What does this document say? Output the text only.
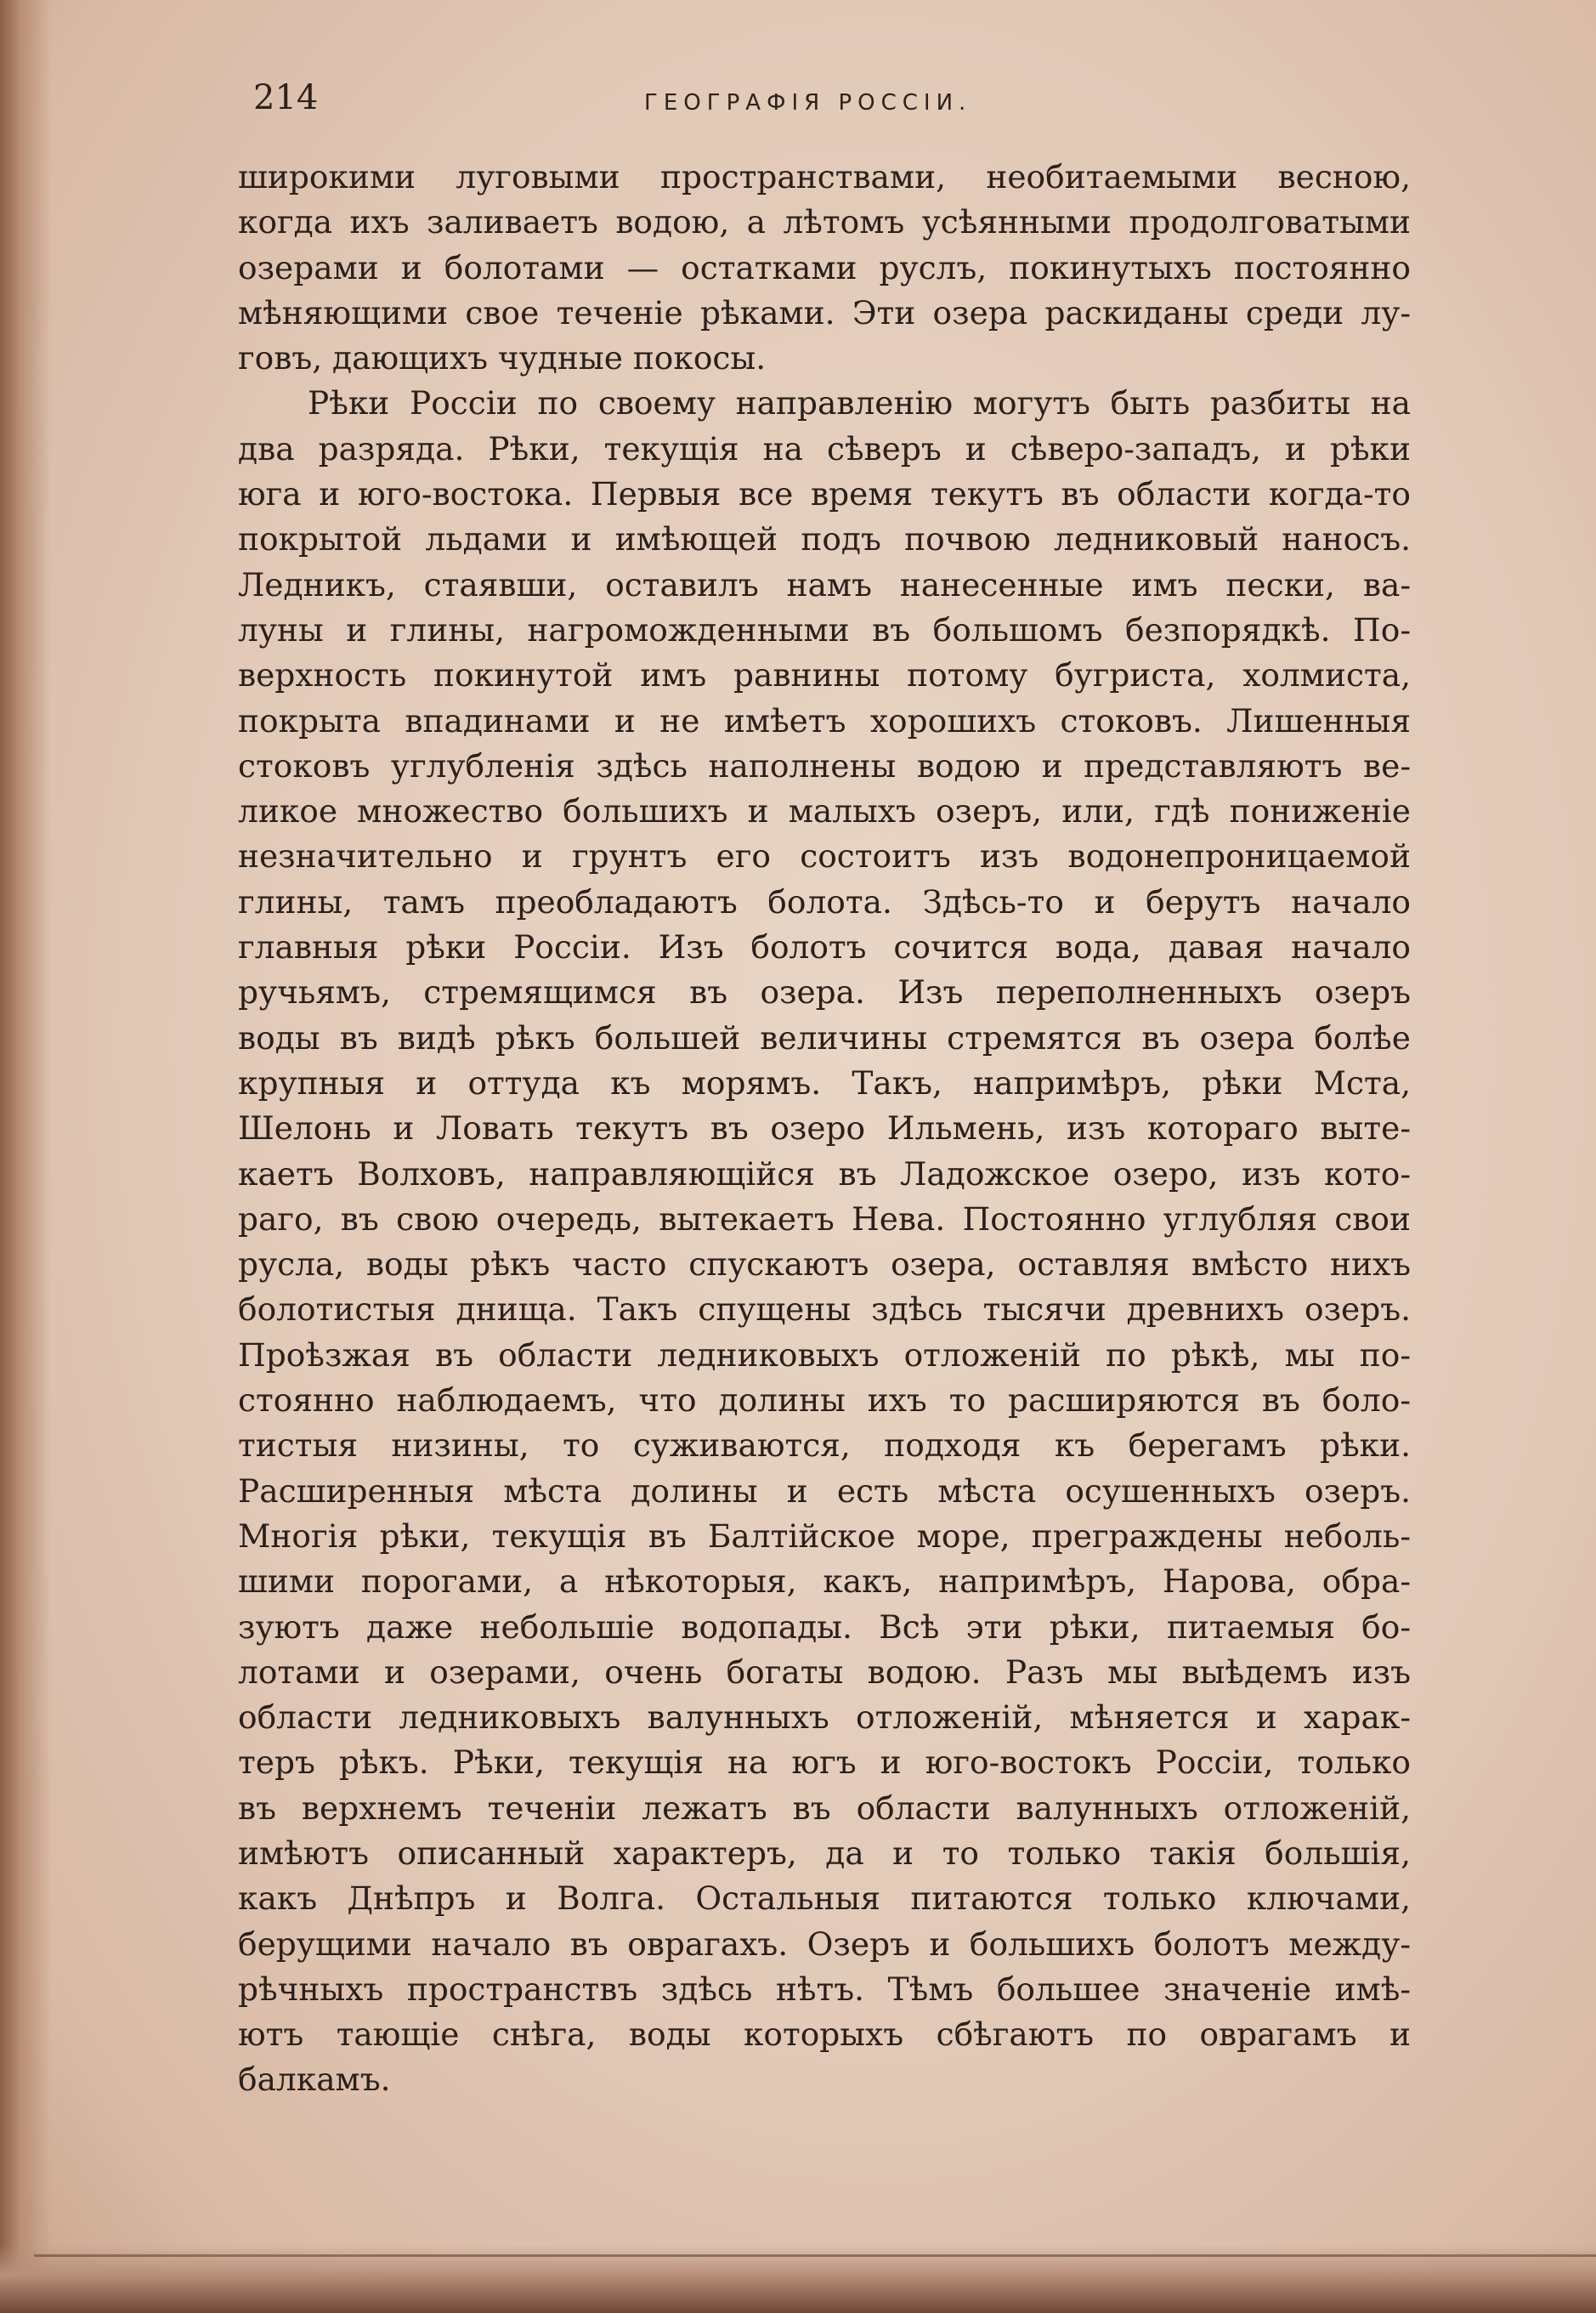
214	ГЕОГРАФІЯ РОССІИ.
широкими луговыми пространствами, необитаемыми весною,
когда ихъ заливаетъ водою, а лѣтомъ усѣянными продолговатыми
озерами и болотами — остатками руслъ, покинутыхъ постоянно
мѣняющими свое теченіе рѣками. Эти озера раскиданы среди лу-
говъ, дающихъ чудные покосы.
Рѣки Россіи по своему направленію могутъ быть разбиты на
два разряда. Рѣки, текущія на сѣверъ и сѣверо-западъ, и рѣки
юга и юго-востока. Первыя все время текутъ въ области когда-то
покрытой льдами и имѣющей подъ почвою ледниковый наносъ.
Ледникъ, стаявши, оставилъ намъ нанесенные имъ пески, ва-
луны и глины, нагроможденными въ большомъ безпорядкѣ. По-
верхность покинутой имъ равнины потому бугриста, холмиста,
покрыта впадинами и не имѣетъ хорошихъ стоковъ. Лишенныя
стоковъ углубленія здѣсь наполнены водою и представляютъ ве-
ликое множество большихъ и малыхъ озеръ, или, гдѣ пониженіе
незначительно и грунтъ его состоитъ изъ водонепроницаемой
глины, тамъ преобладаютъ болота. Здѣсь-то и берутъ начало
главныя рѣки Россіи. Изъ болотъ сочится вода, давая начало
ручьямъ, стремящимся въ озера. Изъ переполненныхъ озеръ
воды въ видѣ рѣкъ большей величины стремятся въ озера болѣе
крупныя и оттуда къ морямъ. Такъ, напримѣръ, рѣки Мста,
Шелонь и Ловать текутъ въ озеро Ильмень, изъ котораго выте-
каетъ Волховъ, направляющійся въ Ладожское озеро, изъ кото-
раго, въ свою очередь, вытекаетъ Нева. Постоянно углубляя свои
русла, воды рѣкъ часто спускаютъ озера, оставляя вмѣсто нихъ
болотистыя днища. Такъ спущены здѣсь тысячи древнихъ озеръ.
Проѣзжая въ области ледниковыхъ отложеній по рѣкѣ, мы по-
стоянно наблюдаемъ, что долины ихъ то расширяются въ боло-
тистыя низины, то суживаются, подходя къ берегамъ рѣки.
Расширенныя мѣста долины и есть мѣста осушенныхъ озеръ.
Многія рѣки, текущія въ Балтійское море, преграждены неболь-
шими порогами, а нѣкоторыя, какъ, напримѣръ, Нарова, обра-
зуютъ даже небольшіе водопады. Всѣ эти рѣки, питаемыя бо-
лотами и озерами, очень богаты водою. Разъ мы выѣдемъ изъ
области ледниковыхъ валунныхъ отложеній, мѣняется и харак-
теръ рѣкъ. Рѣки, текущія на югъ и юго-востокъ Россіи, только
въ верхнемъ теченіи лежатъ въ области валунныхъ отложеній,
имѣютъ описанный характеръ, да и то только такія большія,
какъ Днѣпръ и Волга. Остальныя питаются только ключами,
берущими начало въ оврагахъ. Озеръ и большихъ болотъ между-
рѣчныхъ пространствъ здѣсь нѣтъ. Тѣмъ большее значеніе имѣ-
ютъ тающіе снѣга, воды которыхъ сбѣгаютъ по оврагамъ и
балкамъ.
